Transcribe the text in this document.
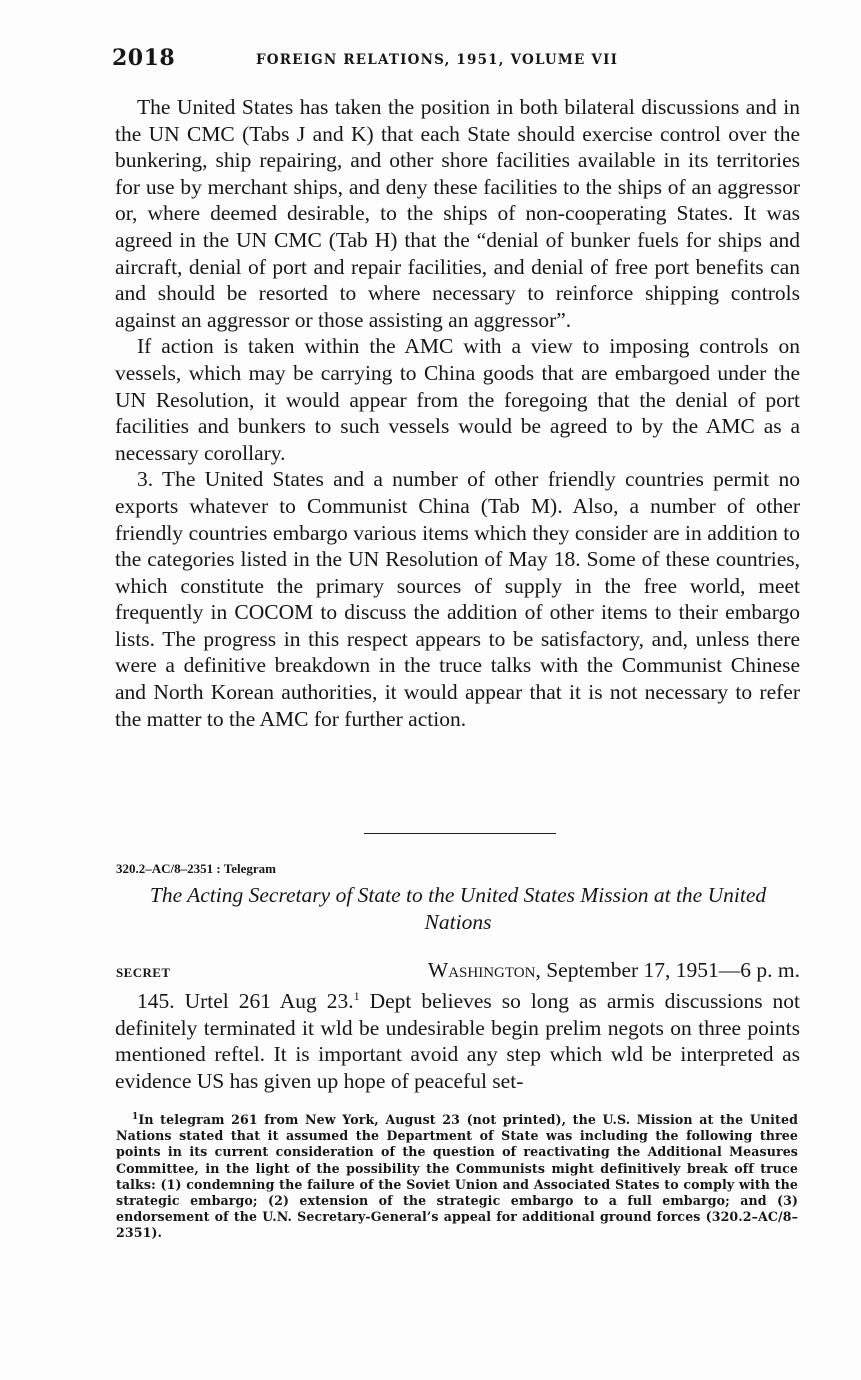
2018	FOREIGN RELATIONS, 1951, VOLUME VII

The United States has taken the position in both bilateral discussions and in the UN CMC (Tabs J and K) that each State should exercise control over the bunkering, ship repairing, and other shore facilities available in its territories for use by merchant ships, and deny these facilities to the ships of an aggressor or, where deemed desirable, to the ships of non-cooperating States. It was agreed in the UN CMC (Tab H) that the “denial of bunker fuels for ships and aircraft, denial of port and repair facilities, and denial of free port benefits can and should be resorted to where necessary to reinforce shipping controls against an aggressor or those assisting an aggressor”.

If action is taken within the AMC with a view to imposing controls on vessels, which may be carrying to China goods that are embargoed under the UN Resolution, it would appear from the foregoing that the denial of port facilities and bunkers to such vessels would be agreed to by the AMC as a necessary corollary.

3. The United States and a number of other friendly countries permit no exports whatever to Communist China (Tab M). Also, a number of other friendly countries embargo various items which they consider are in addition to the categories listed in the UN Resolution of May 18. Some of these countries, which constitute the primary sources of supply in the free world, meet frequently in COCOM to discuss the addition of other items to their embargo lists. The progress in this respect appears to be satisfactory, and, unless there were a definitive breakdown in the truce talks with the Communist Chinese and North Korean authorities, it would appear that it is not necessary to refer the matter to the AMC for further action.

320.2–AC/8–2351 : Telegram
The Acting Secretary of State to the United States Mission at the United Nations
SECRET	Washington, September 17, 1951—6 p. m.

145. Urtel 261 Aug 23.$^1$ Dept believes so long as armis discussions not definitely terminated it wld be undesirable begin prelim negots on three points mentioned reftel. It is important avoid any step which wld be interpreted as evidence US has given up hope of peaceful set-

$^1$In telegram 261 from New York, August 23 (not printed), the U.S. Mission at the United Nations stated that it assumed the Department of State was including the following three points in its current consideration of the question of reactivating the Additional Measures Committee, in the light of the possibility the Communists might definitively break off truce talks: (1) condemning the failure of the Soviet Union and Associated States to comply with the strategic embargo; (2) extension of the strategic embargo to a full embargo; and (3) endorsement of the U.N. Secretary-General’s appeal for additional ground forces (320.2–AC/8–2351).
